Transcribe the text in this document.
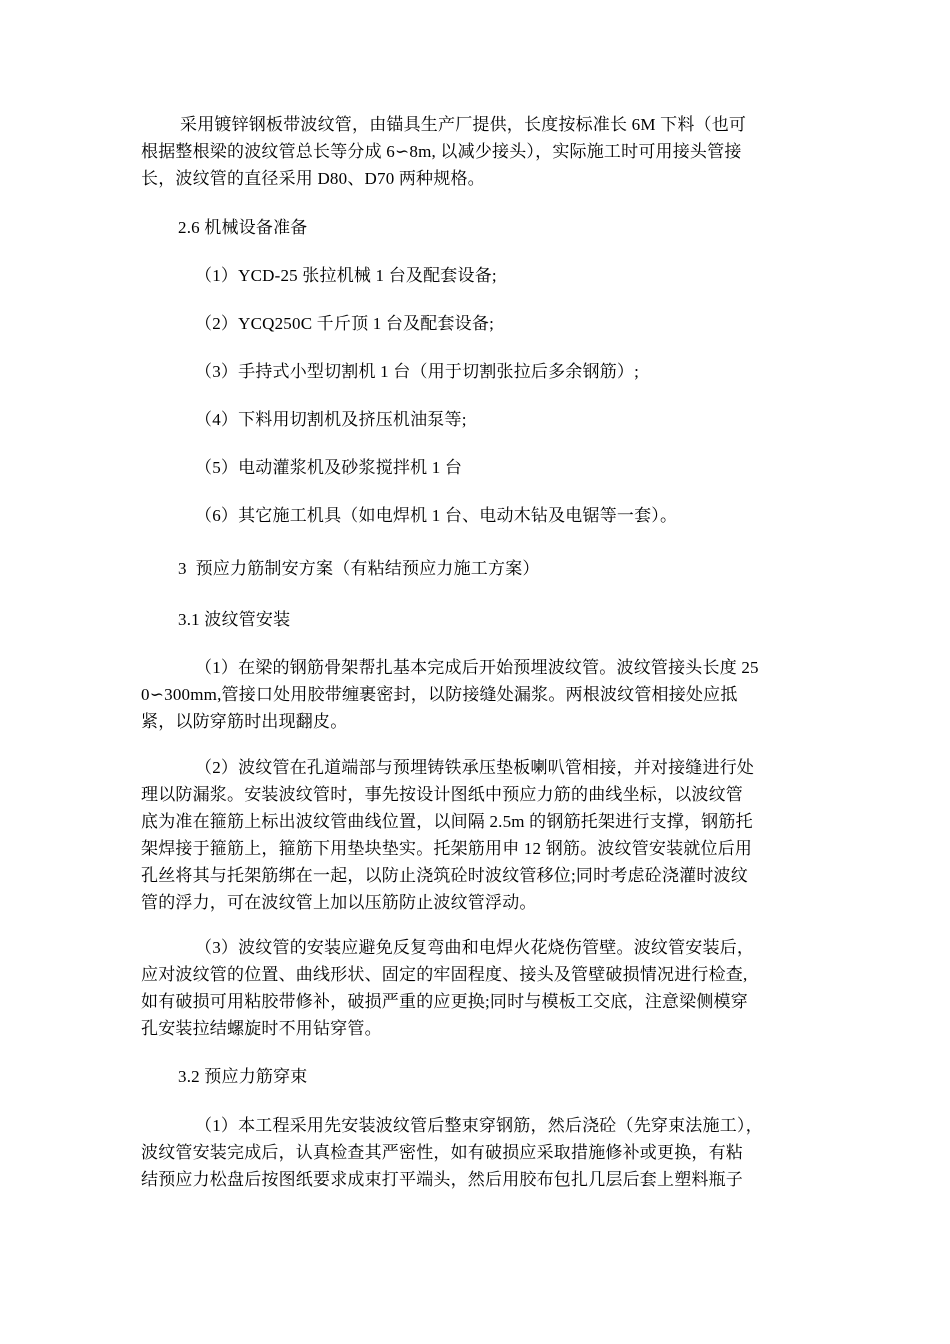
采用镀锌钢板带波纹管，由锚具生产厂提供，长度按标准长 6M 下料（也可
根据整根梁的波纹管总长等分成 6∽8m, 以减少接头），实际施工时可用接头管接
长，波纹管的直径采用 D80、D70 两种规格。
2.6 机械设备准备
（1）YCD-25 张拉机械 1 台及配套设备;
（2）YCQ250C 千斤顶 1 台及配套设备;
（3）手持式小型切割机 1 台（用于切割张拉后多余钢筋）;
（4）下料用切割机及挤压机油泵等;
（5）电动灌浆机及砂浆搅拌机 1 台
（6）其它施工机具（如电焊机 1 台、电动木钻及电锯等一套）。
3  预应力筋制安方案（有粘结预应力施工方案）
3.1 波纹管安装
（1）在梁的钢筋骨架帮扎基本完成后开始预埋波纹管。波纹管接头长度 25
0∽300mm,管接口处用胶带缠裹密封，以防接缝处漏浆。两根波纹管相接处应抵
紧，以防穿筋时出现翻皮。
（2）波纹管在孔道端部与预埋铸铁承压垫板喇叭管相接，并对接缝进行处
理以防漏浆。安装波纹管时，事先按设计图纸中预应力筋的曲线坐标，以波纹管
底为准在箍筋上标出波纹管曲线位置，以间隔 2.5m 的钢筋托架进行支撑，钢筋托
架焊接于箍筋上，箍筋下用垫块垫实。托架筋用申 12 钢筋。波纹管安装就位后用
孔丝将其与托架筋绑在一起，以防止浇筑砼时波纹管移位;同时考虑砼浇灌时波纹
管的浮力，可在波纹管上加以压筋防止波纹管浮动。
（3）波纹管的安装应避免反复弯曲和电焊火花烧伤管壁。波纹管安装后，
应对波纹管的位置、曲线形状、固定的牢固程度、接头及管壁破损情况进行检查,
如有破损可用粘胶带修补，破损严重的应更换;同时与模板工交底，注意梁侧模穿
孔安装拉结螺旋时不用钻穿管。
3.2 预应力筋穿束
（1）本工程采用先安装波纹管后整束穿钢筋，然后浇砼（先穿束法施工），
波纹管安装完成后，认真检查其严密性，如有破损应采取措施修补或更换，有粘
结预应力松盘后按图纸要求成束打平端头，然后用胶布包扎几层后套上塑料瓶子
